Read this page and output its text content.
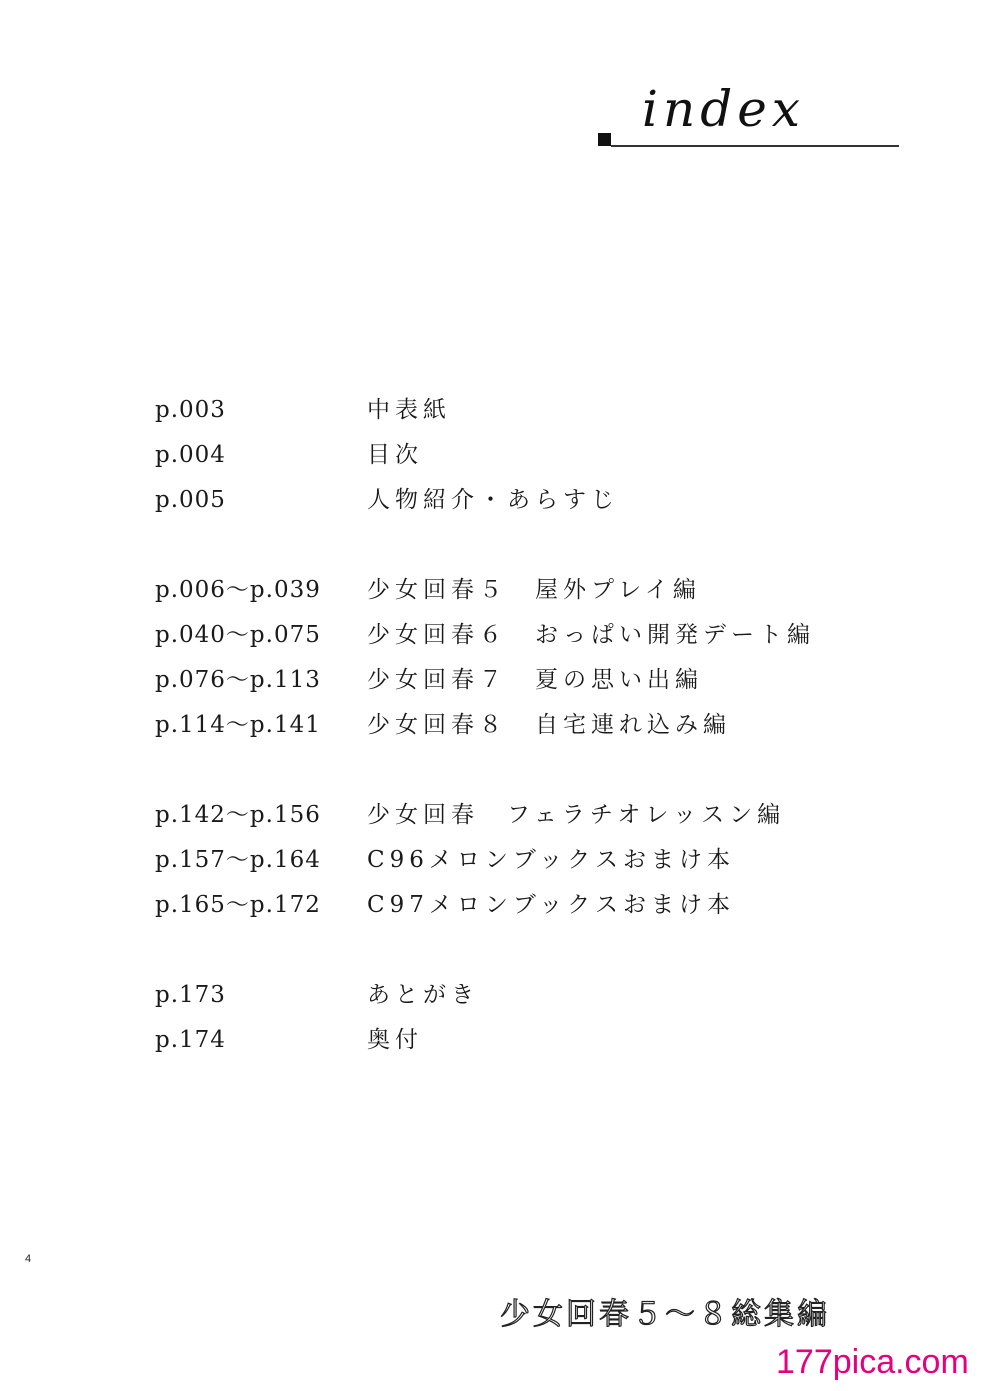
index
p.003	中表紙
p.004	目次
p.005	人物紹介・あらすじ
p.006〜p.039 少女回春５　屋外プレイ編
p.040〜p.075 少女回春６　おっぱい開発デート編
p.076〜p.113 少女回春７　夏の思い出編
p.114〜p.141 少女回春８　自宅連れ込み編
p.142〜p.156 少女回春　フェラチオレッスン編
p.157〜p.164 C96メロンブックスおまけ本
p.165〜p.172 C97メロンブックスおまけ本
p.173	あとがき
p.174	奥付
4
少女回春５〜８総集編
177pica.com
